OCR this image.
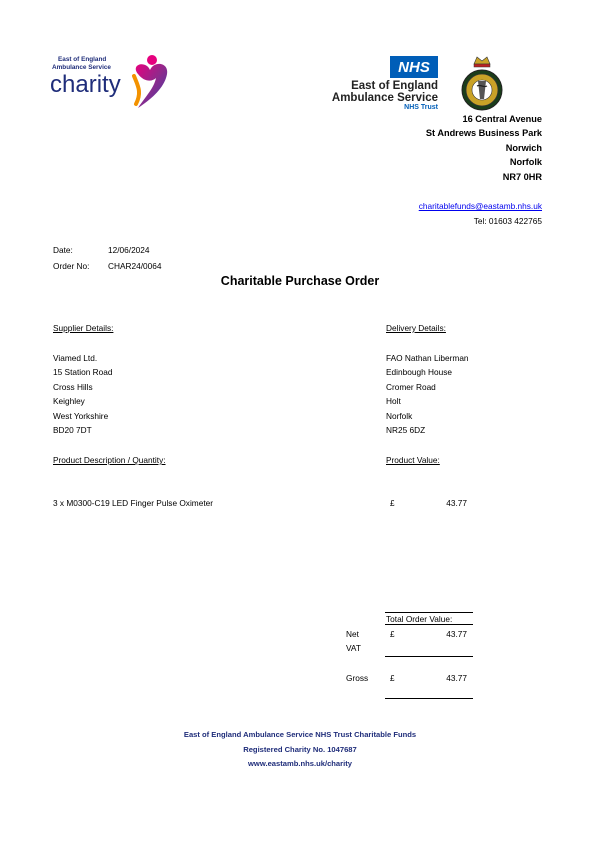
East of England
Ambulance Service
charity
NHS
East of England
Ambulance Service
NHS Trust
16 Central Avenue
St Andrews Business Park
Norwich
Norfolk
NR7 0HR
charitablefunds@eastamb.nhs.uk
Tel: 01603 422765
Date:	12/06/2024
Order No: CHAR24/0064
Charitable Purchase Order
Supplier Details:
Viamed Ltd.
15 Station Road
Cross Hills
Keighley
West Yorkshire
BD20 7DT
Delivery Details:
FAO Nathan Liberman
Edinbough House
Cromer Road
Holt
Norfolk
NR25 6DZ
Product Description / Quantity:	Product Value:
3 x M0300-C19 LED Finger Pulse Oximeter	£	43.77
Total Order Value:
Net	£	43.77
VAT
Gross	£	43.77
East of England Ambulance Service NHS Trust Charitable Funds
Registered Charity No. 1047687
www.eastamb.nhs.uk/charity
